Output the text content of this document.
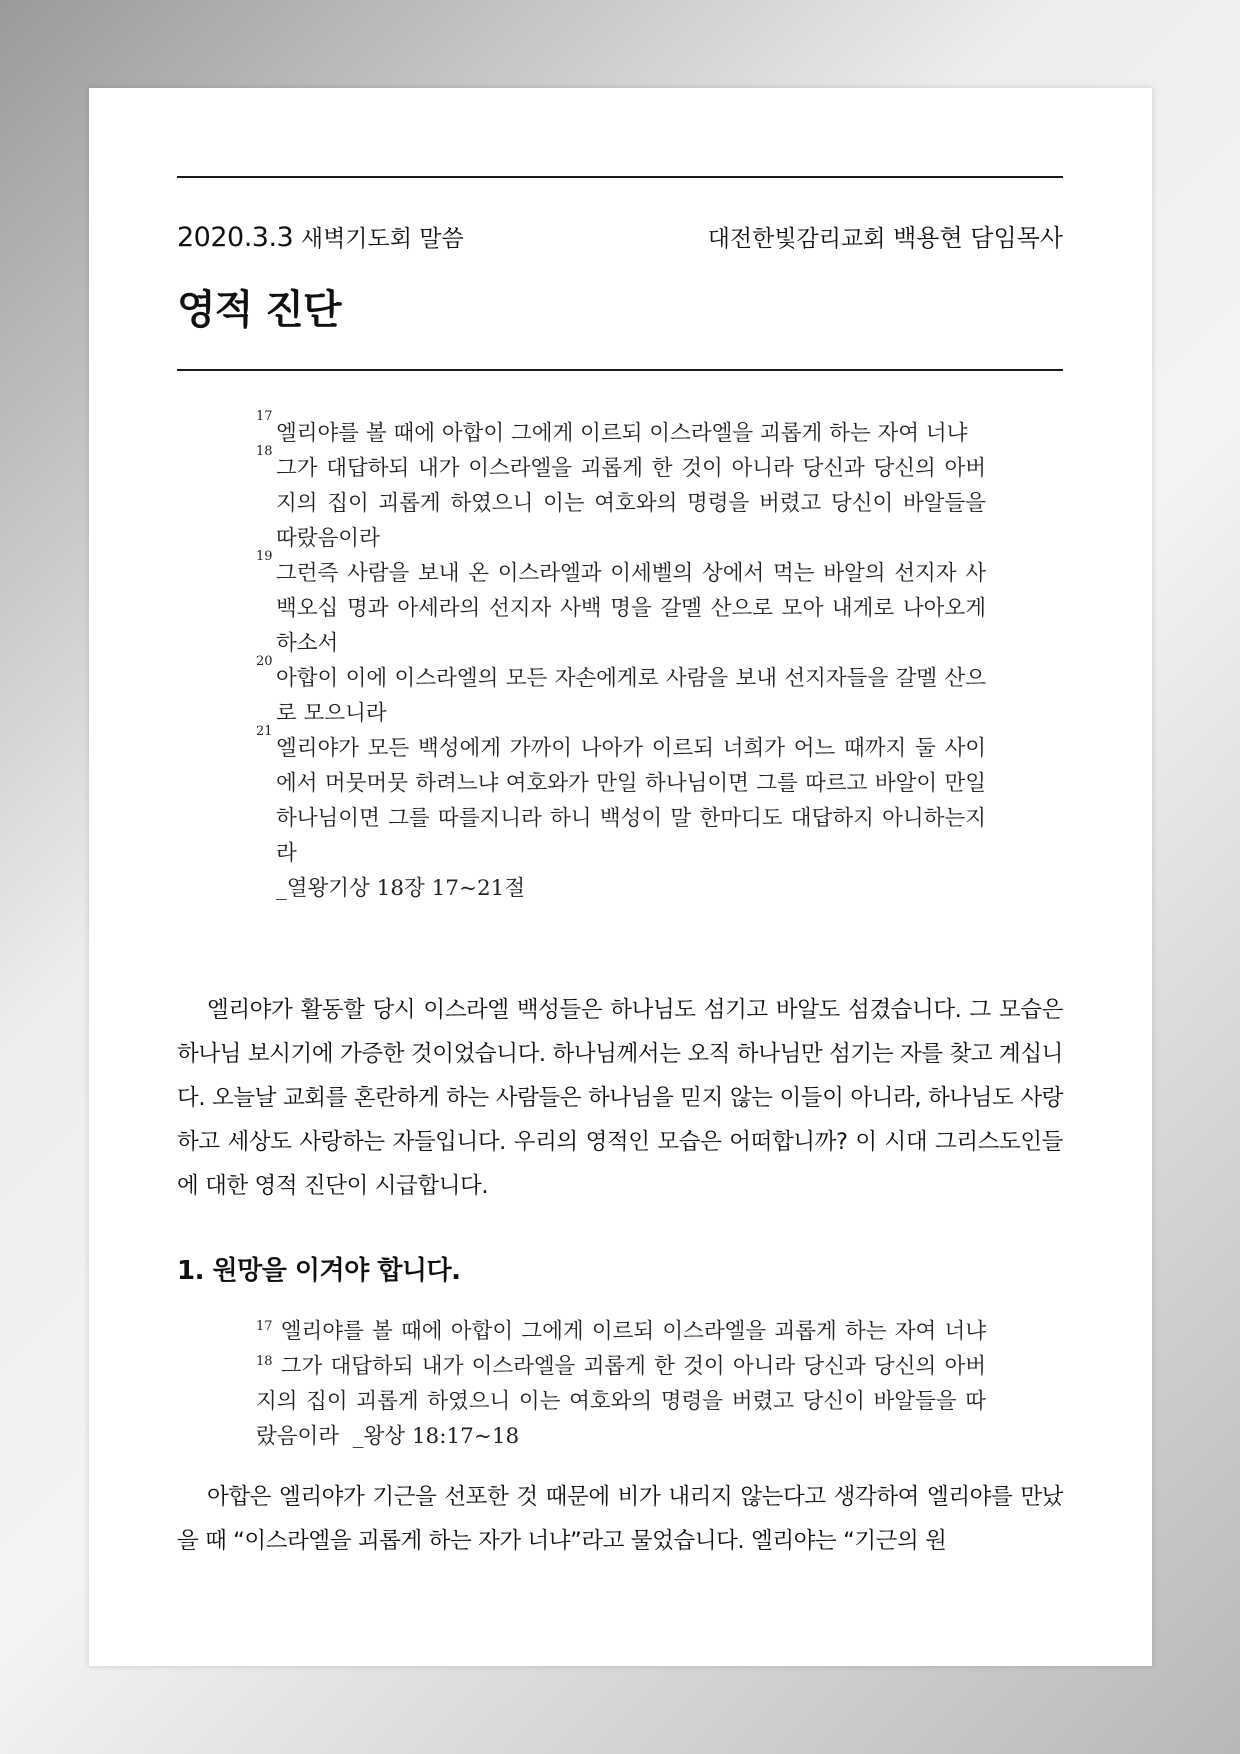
2020.3.3 새벽기도회 말씀	대전한빛감리교회 백용현 담임목사
영적 진단
17
엘리야를 볼 때에 아합이 그에게 이르되 이스라엘을 괴롭게 하는 자여 너냐
18
그가 대답하되 내가 이스라엘을 괴롭게 한 것이 아니라 당신과 당신의 아버지의 집이 괴롭게 하였으니 이는 여호와의 명령을 버렸고 당신이 바알들을 따랐음이라
19
그런즉 사람을 보내 온 이스라엘과 이세벨의 상에서 먹는 바알의 선지자 사백오십 명과 아세라의 선지자 사백 명을 갈멜 산으로 모아 내게로 나아오게 하소서
20
아합이 이에 이스라엘의 모든 자손에게로 사람을 보내 선지자들을 갈멜 산으로 모으니라
21
엘리야가 모든 백성에게 가까이 나아가 이르되 너희가 어느 때까지 둘 사이에서 머뭇머뭇 하려느냐 여호와가 만일 하나님이면 그를 따르고 바알이 만일 하나님이면 그를 따를지니라 하니 백성이 말 한마디도 대답하지 아니하는지라
_열왕기상 18장 17~21절

엘리야가 활동할 당시 이스라엘 백성들은 하나님도 섬기고 바알도 섬겼습니다. 그 모습은 하나님 보시기에 가증한 것이었습니다. 하나님께서는 오직 하나님만 섬기는 자를 찾고 계십니다. 오늘날 교회를 혼란하게 하는 사람들은 하나님을 믿지 않는 이들이 아니라, 하나님도 사랑하고 세상도 사랑하는 자들입니다. 우리의 영적인 모습은 어떠합니까? 이 시대 그리스도인들에 대한 영적 진단이 시급합니다.

1. 원망을 이겨야 합니다.
$^{17}$ 엘리야를 볼 때에 아합이 그에게 이르되 이스라엘을 괴롭게 하는 자여 너냐 $^{18}$ 그가 대답하되 내가 이스라엘을 괴롭게 한 것이 아니라 당신과 당신의 아버지의 집이 괴롭게 하였으니 이는 여호와의 명령을 버렸고 당신이 바알들을 따랐음이라 _왕상 18:17~18

아합은 엘리야가 기근을 선포한 것 때문에 비가 내리지 않는다고 생각하여 엘리야를 만났을 때 “이스라엘을 괴롭게 하는 자가 너냐”라고 물었습니다. 엘리야는 “기근의 원
